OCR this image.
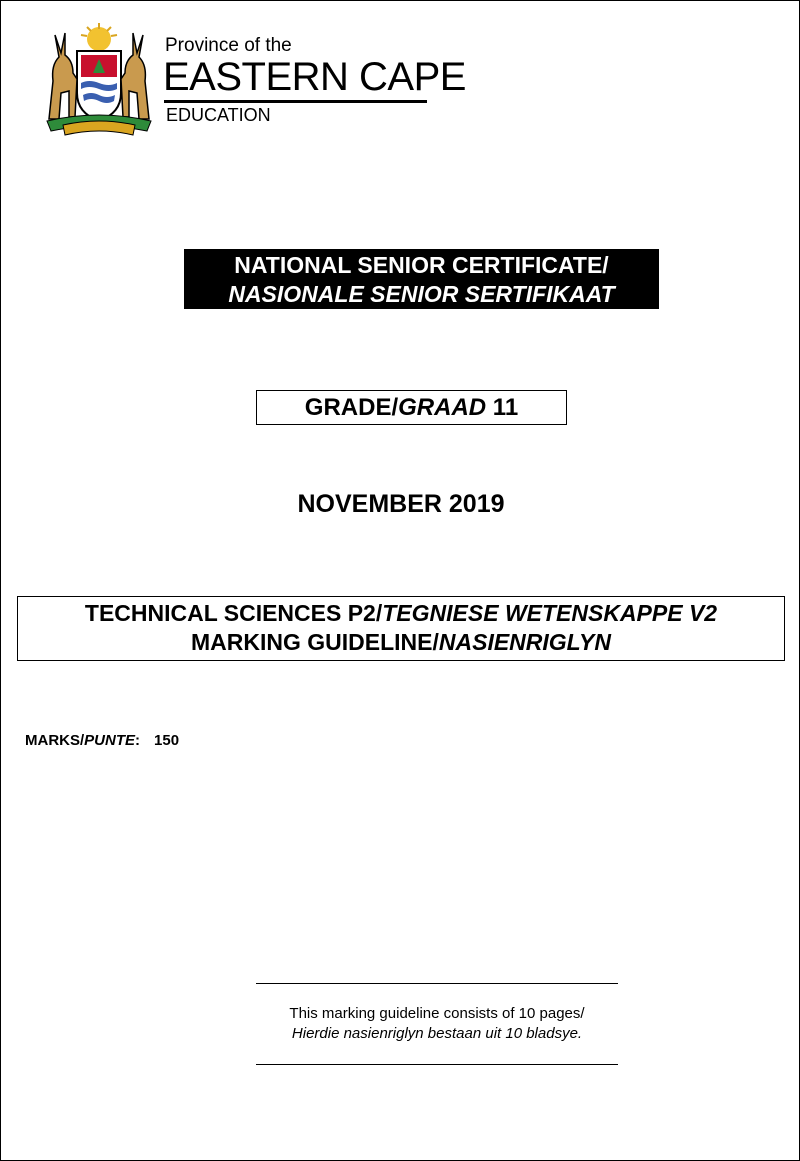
Province of the
EASTERN CAPE
EDUCATION
NATIONAL SENIOR CERTIFICATE/
NASIONALE SENIOR SERTIFIKAAT
GRADE/GRAAD 11
NOVEMBER 2019
TECHNICAL SCIENCES P2/TEGNIESE WETENSKAPPE V2
MARKING GUIDELINE/NASIENRIGLYN
MARKS/PUNTE: 150
This marking guideline consists of 10 pages/
Hierdie nasienriglyn bestaan uit 10 bladsye.
